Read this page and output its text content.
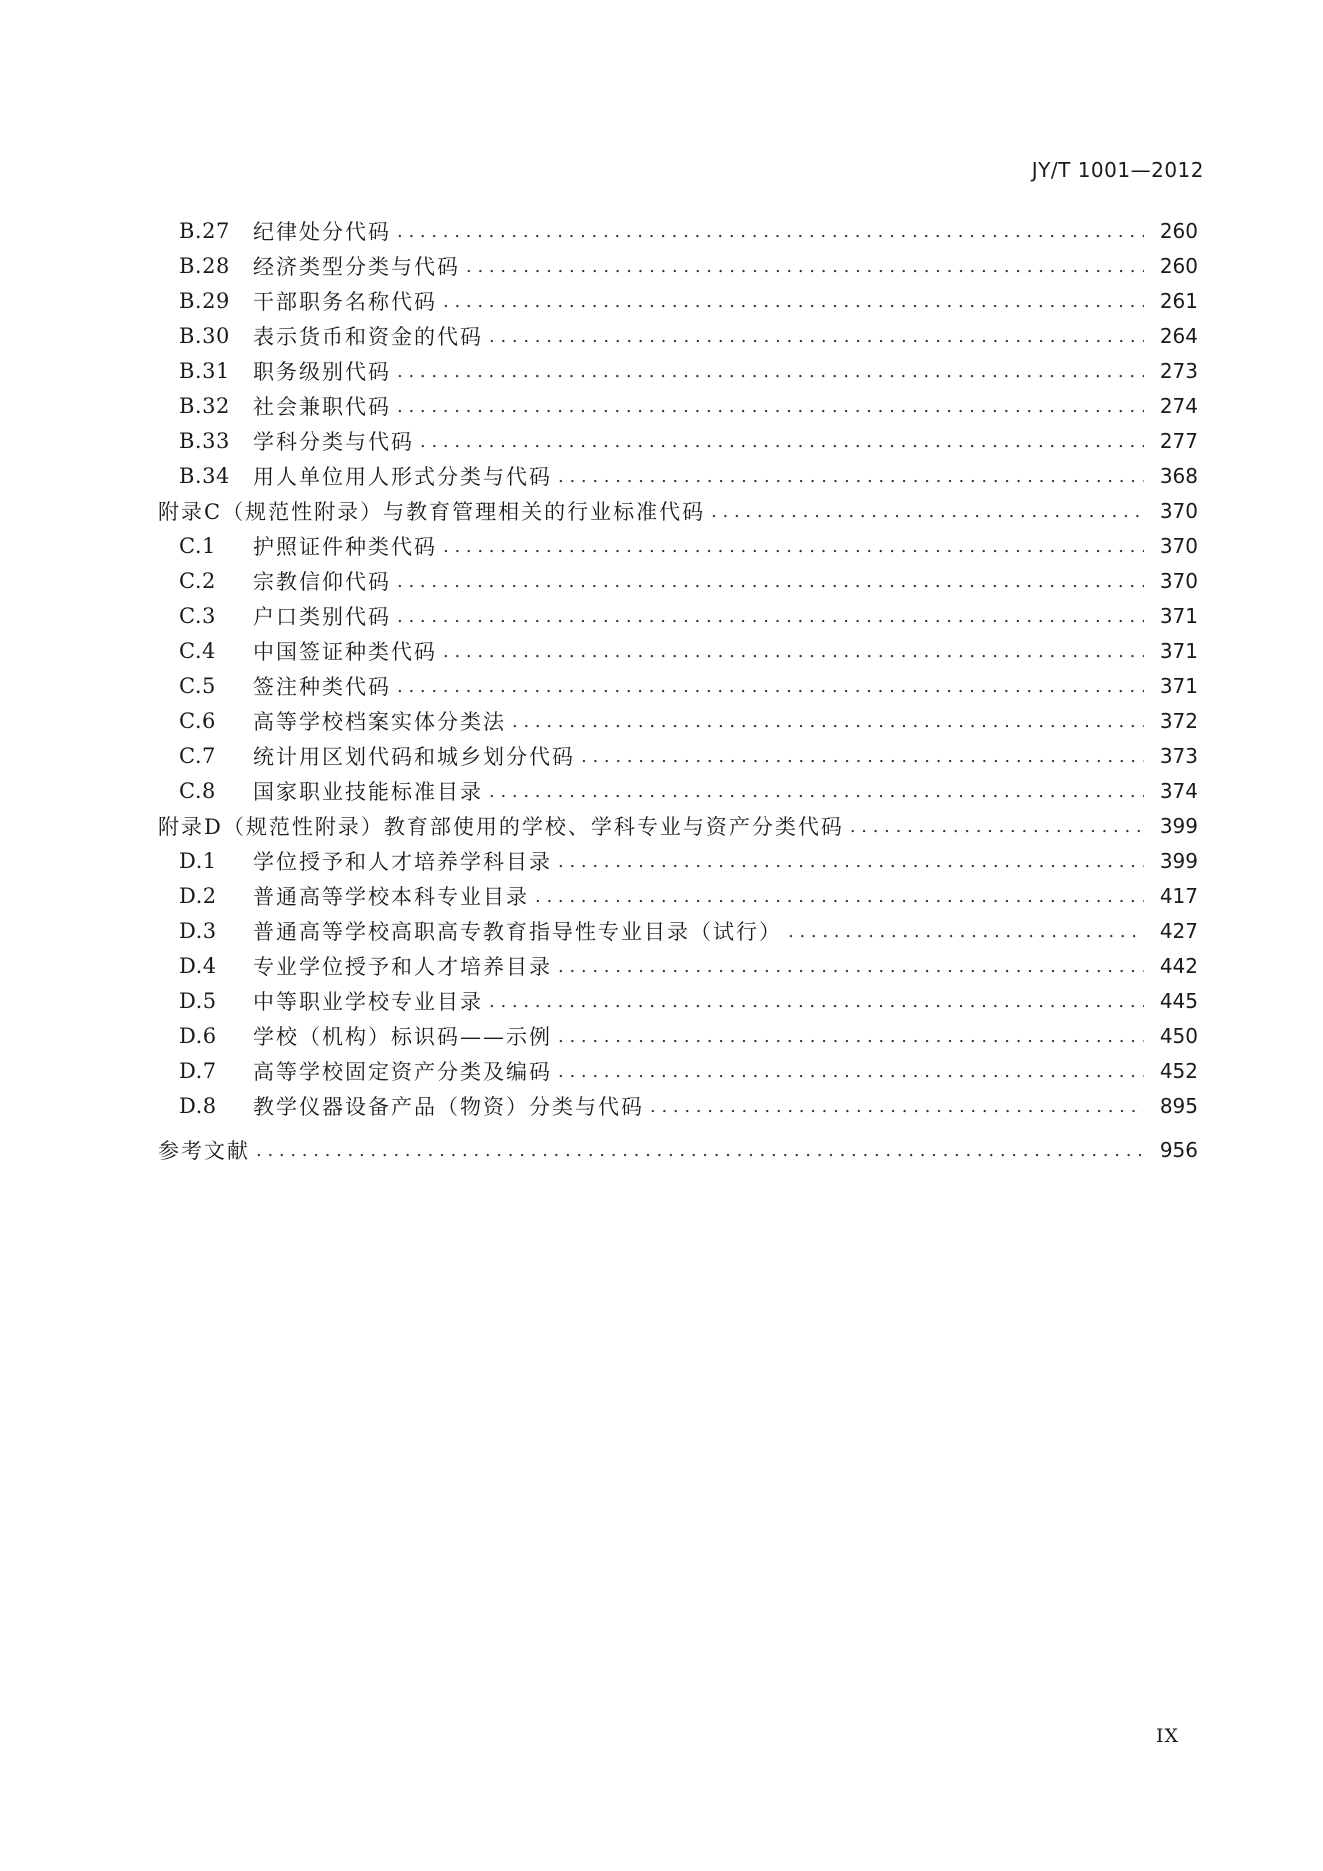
JY/T 1001—2012
B.27	纪律处分代码 . . .	260
B.28	经济类型分类与代码 . . .	260
B.29	干部职务名称代码 . . .	261
B.30	表示货币和资金的代码 . . .	264
B.31	职务级别代码 . . .	273
B.32	社会兼职代码 . . .	274
B.33	学科分类与代码 . . .	277
B.34	用人单位用人形式分类与代码 . . .	368
附录C（规范性附录）与教育管理相关的行业标准代码 . . .	370
C.1	护照证件种类代码 . . .	370
C.2	宗教信仰代码 . . .	370
C.3	户口类别代码 . . .	371
C.4	中国签证种类代码 . . .	371
C.5	签注种类代码 . . .	371
C.6	高等学校档案实体分类法 . . .	372
C.7	统计用区划代码和城乡划分代码 . . .	373
C.8	国家职业技能标准目录 . . .	374
附录D（规范性附录）教育部使用的学校、学科专业与资产分类代码 . . .	399
D.1	学位授予和人才培养学科目录 . . .	399
D.2	普通高等学校本科专业目录 . . .	417
D.3	普通高等学校高职高专教育指导性专业目录（试行） . . .	427
D.4	专业学位授予和人才培养目录 . . .	442
D.5	中等职业学校专业目录 . . .	445
D.6	学校（机构）标识码——示例 . . .	450
D.7	高等学校固定资产分类及编码 . . .	452
D.8	教学仪器设备产品（物资）分类与代码 . . .	895
参考文献 . . .	956
IX
